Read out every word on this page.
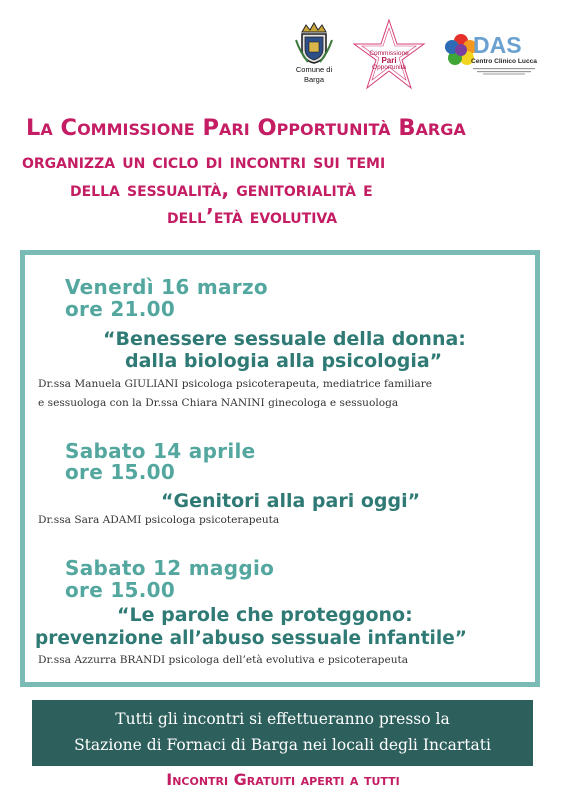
Comune di
Barga
Commissione
Pari
Opportunità
DAS
Centro Clinico Lucca
La Commissione Pari Opportunità Barga
organizza un ciclo di incontri sui temi
della sessualità, genitorialità e
dell’età evolutiva
Venerdì 16 marzo
ore 21.00
“Benessere sessuale della donna:
dalla biologia alla psicologia”
Dr.ssa Manuela GIULIANI psicologa psicoterapeuta, mediatrice familiare
e sessuologa con la Dr.ssa Chiara NANINI ginecologa e sessuologa
Sabato 14 aprile
ore 15.00
“Genitori alla pari oggi”
Dr.ssa Sara ADAMI psicologa psicoterapeuta
Sabato 12 maggio
ore 15.00
“Le parole che proteggono:
prevenzione all’abuso sessuale infantile”
Dr.ssa Azzurra BRANDI psicologa dell’età evolutiva e psicoterapeuta
Tutti gli incontri si effettueranno presso la
Stazione di Fornaci di Barga nei locali degli Incartati
Incontri Gratuiti aperti a tutti
